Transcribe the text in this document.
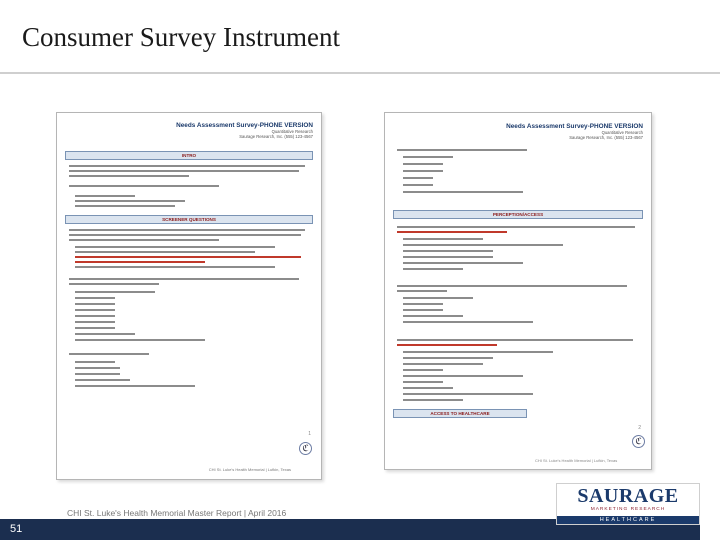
Consumer Survey Instrument
Needs Assessment Survey-PHONE VERSION
Quantitative Research
Saurage Research, Inc. (555) 123-4567
INTRO
SCREENER QUESTIONS
1
ℭ
CHI St. Luke's Health Memorial | Lufkin, Texas
Needs Assessment Survey-PHONE VERSION
Quantitative Research
Saurage Research, Inc. (555) 123-4567
PERCEPTION/ACCESS
2
ACCESS TO HEALTHCARE
ℭ
CHI St. Luke's Health Memorial | Lufkin, Texas
CHI St. Luke's Health Memorial Master Report | April 2016
51
SAURAGE
MARKETING RESEARCH
HEALTHCARE
